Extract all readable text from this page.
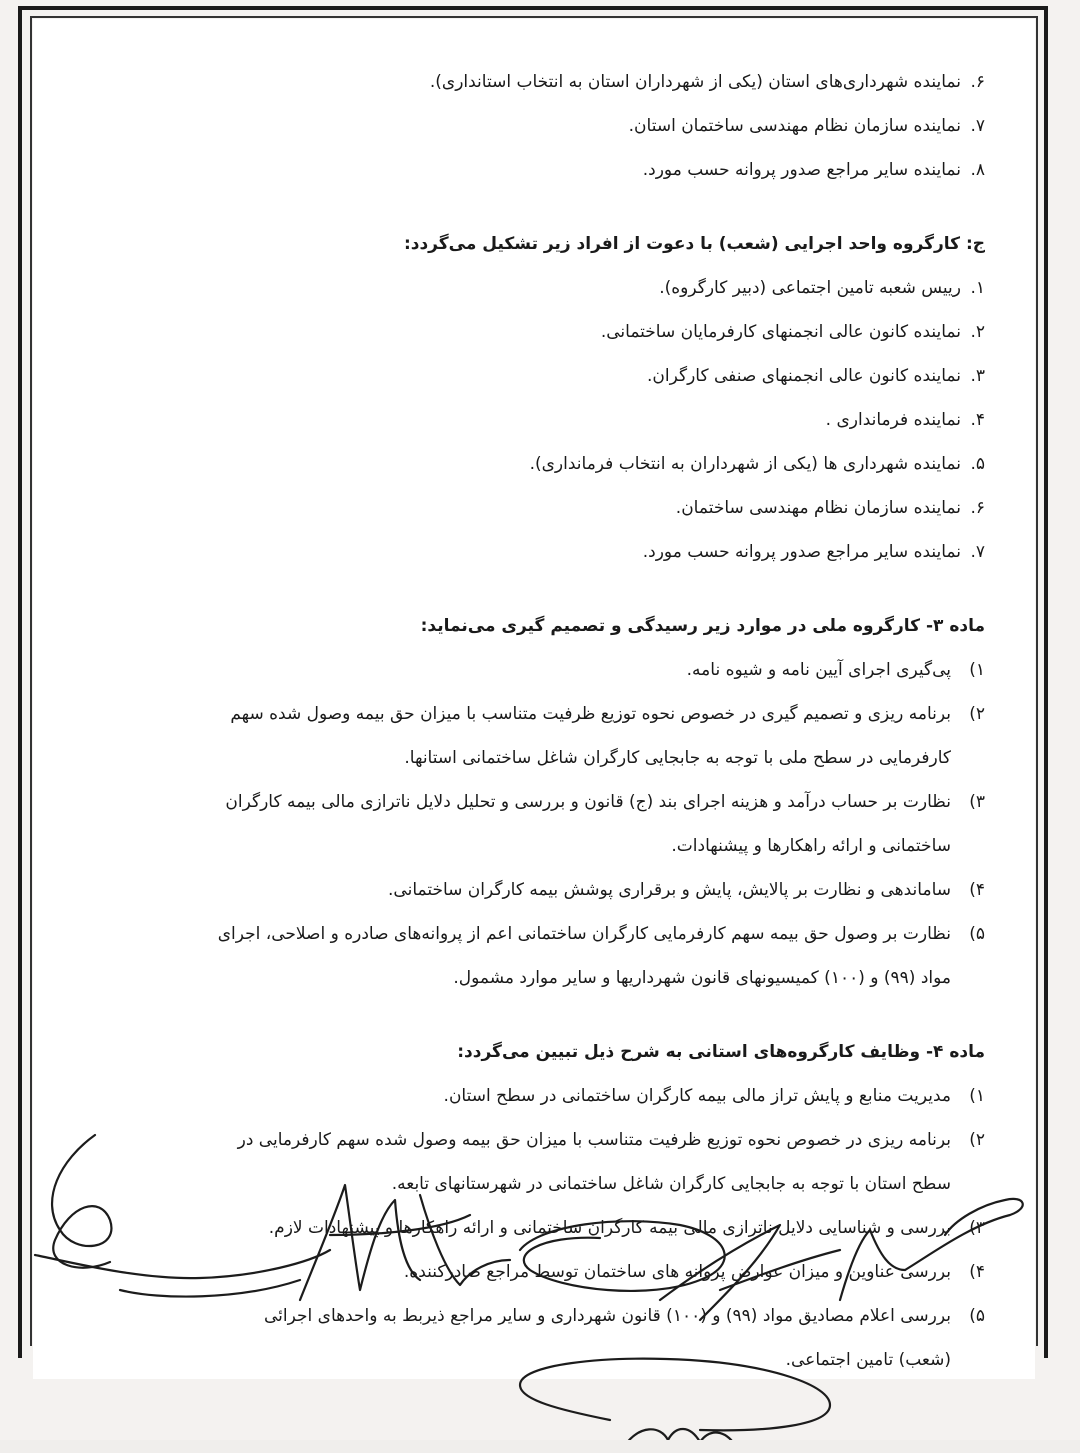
۶.نماینده شهرداری‌های استان (یکی از شهرداران استان به انتخاب استانداری).
۷.نماینده سازمان نظام مهندسی ساختمان استان.
۸.نماینده سایر مراجع صدور پروانه حسب مورد.
ج: کارگروه واحد اجرایی (شعب) با دعوت از افراد زیر تشکیل می‌گردد:
۱.رییس شعبه تامین اجتماعی (دبیر کارگروه).
۲.نماینده کانون عالی انجمنهای کارفرمایان ساختمانی.
۳.نماینده کانون عالی انجمنهای صنفی کارگران.
۴.نماینده فرمانداری .
۵.نماینده شهرداری ها (یکی از شهرداران به انتخاب فرمانداری).
۶.نماینده سازمان نظام مهندسی ساختمان.
۷.نماینده سایر مراجع صدور پروانه حسب مورد.
ماده ۳- کارگروه ملی در موارد زیر رسیدگی و تصمیم گیری می‌نماید:
۱)پی‌گیری اجرای آیین نامه و شیوه نامه.
۲)برنامه ریزی و تصمیم گیری در خصوص نحوه توزیع ظرفیت متناسب با میزان حق بیمه وصول شده سهم
کارفرمایی در سطح ملی با توجه به جابجایی کارگران شاغل ساختمانی استانها.
۳)نظارت بر حساب درآمد و هزینه اجرای بند (ج) قانون و بررسی و تحلیل دلایل ناترازی مالی بیمه کارگران
ساختمانی و ارائه راهکارها و پیشنهادات.
۴)ساماندهی و نظارت بر پالایش، پایش و برقراری پوشش بیمه کارگران ساختمانی.
۵)نظارت بر وصول حق بیمه سهم کارفرمایی کارگران ساختمانی اعم از پروانه‌های صادره و اصلاحی، اجرای
مواد (۹۹) و (۱۰۰) کمیسیونهای قانون شهرداریها و سایر موارد مشمول.
ماده ۴- وظایف کارگروه‌های استانی به شرح ذیل تبیین می‌گردد:
۱)مدیریت منابع و پایش تراز مالی بیمه کارگران ساختمانی در سطح استان.
۲)برنامه ریزی در خصوص نحوه توزیع ظرفیت متناسب با میزان حق بیمه وصول شده سهم کارفرمایی در
سطح استان با توجه به جابجایی کارگران شاغل ساختمانی در شهرستانهای تابعه.
۳)بررسی و شناسایی دلایل ناترازی مالی بیمه کارگران ساختمانی و ارائه راهکارها و پیشنهادات لازم.
۴)بررسی عناوین و میزان عوارض پروانه های ساختمان توسط مراجع صادرکننده.
۵)بررسی اعلام مصادیق مواد (۹۹) و (۱۰۰) قانون شهرداری و سایر مراجع ذیربط به واحدهای اجرائی
(شعب) تامین اجتماعی.
